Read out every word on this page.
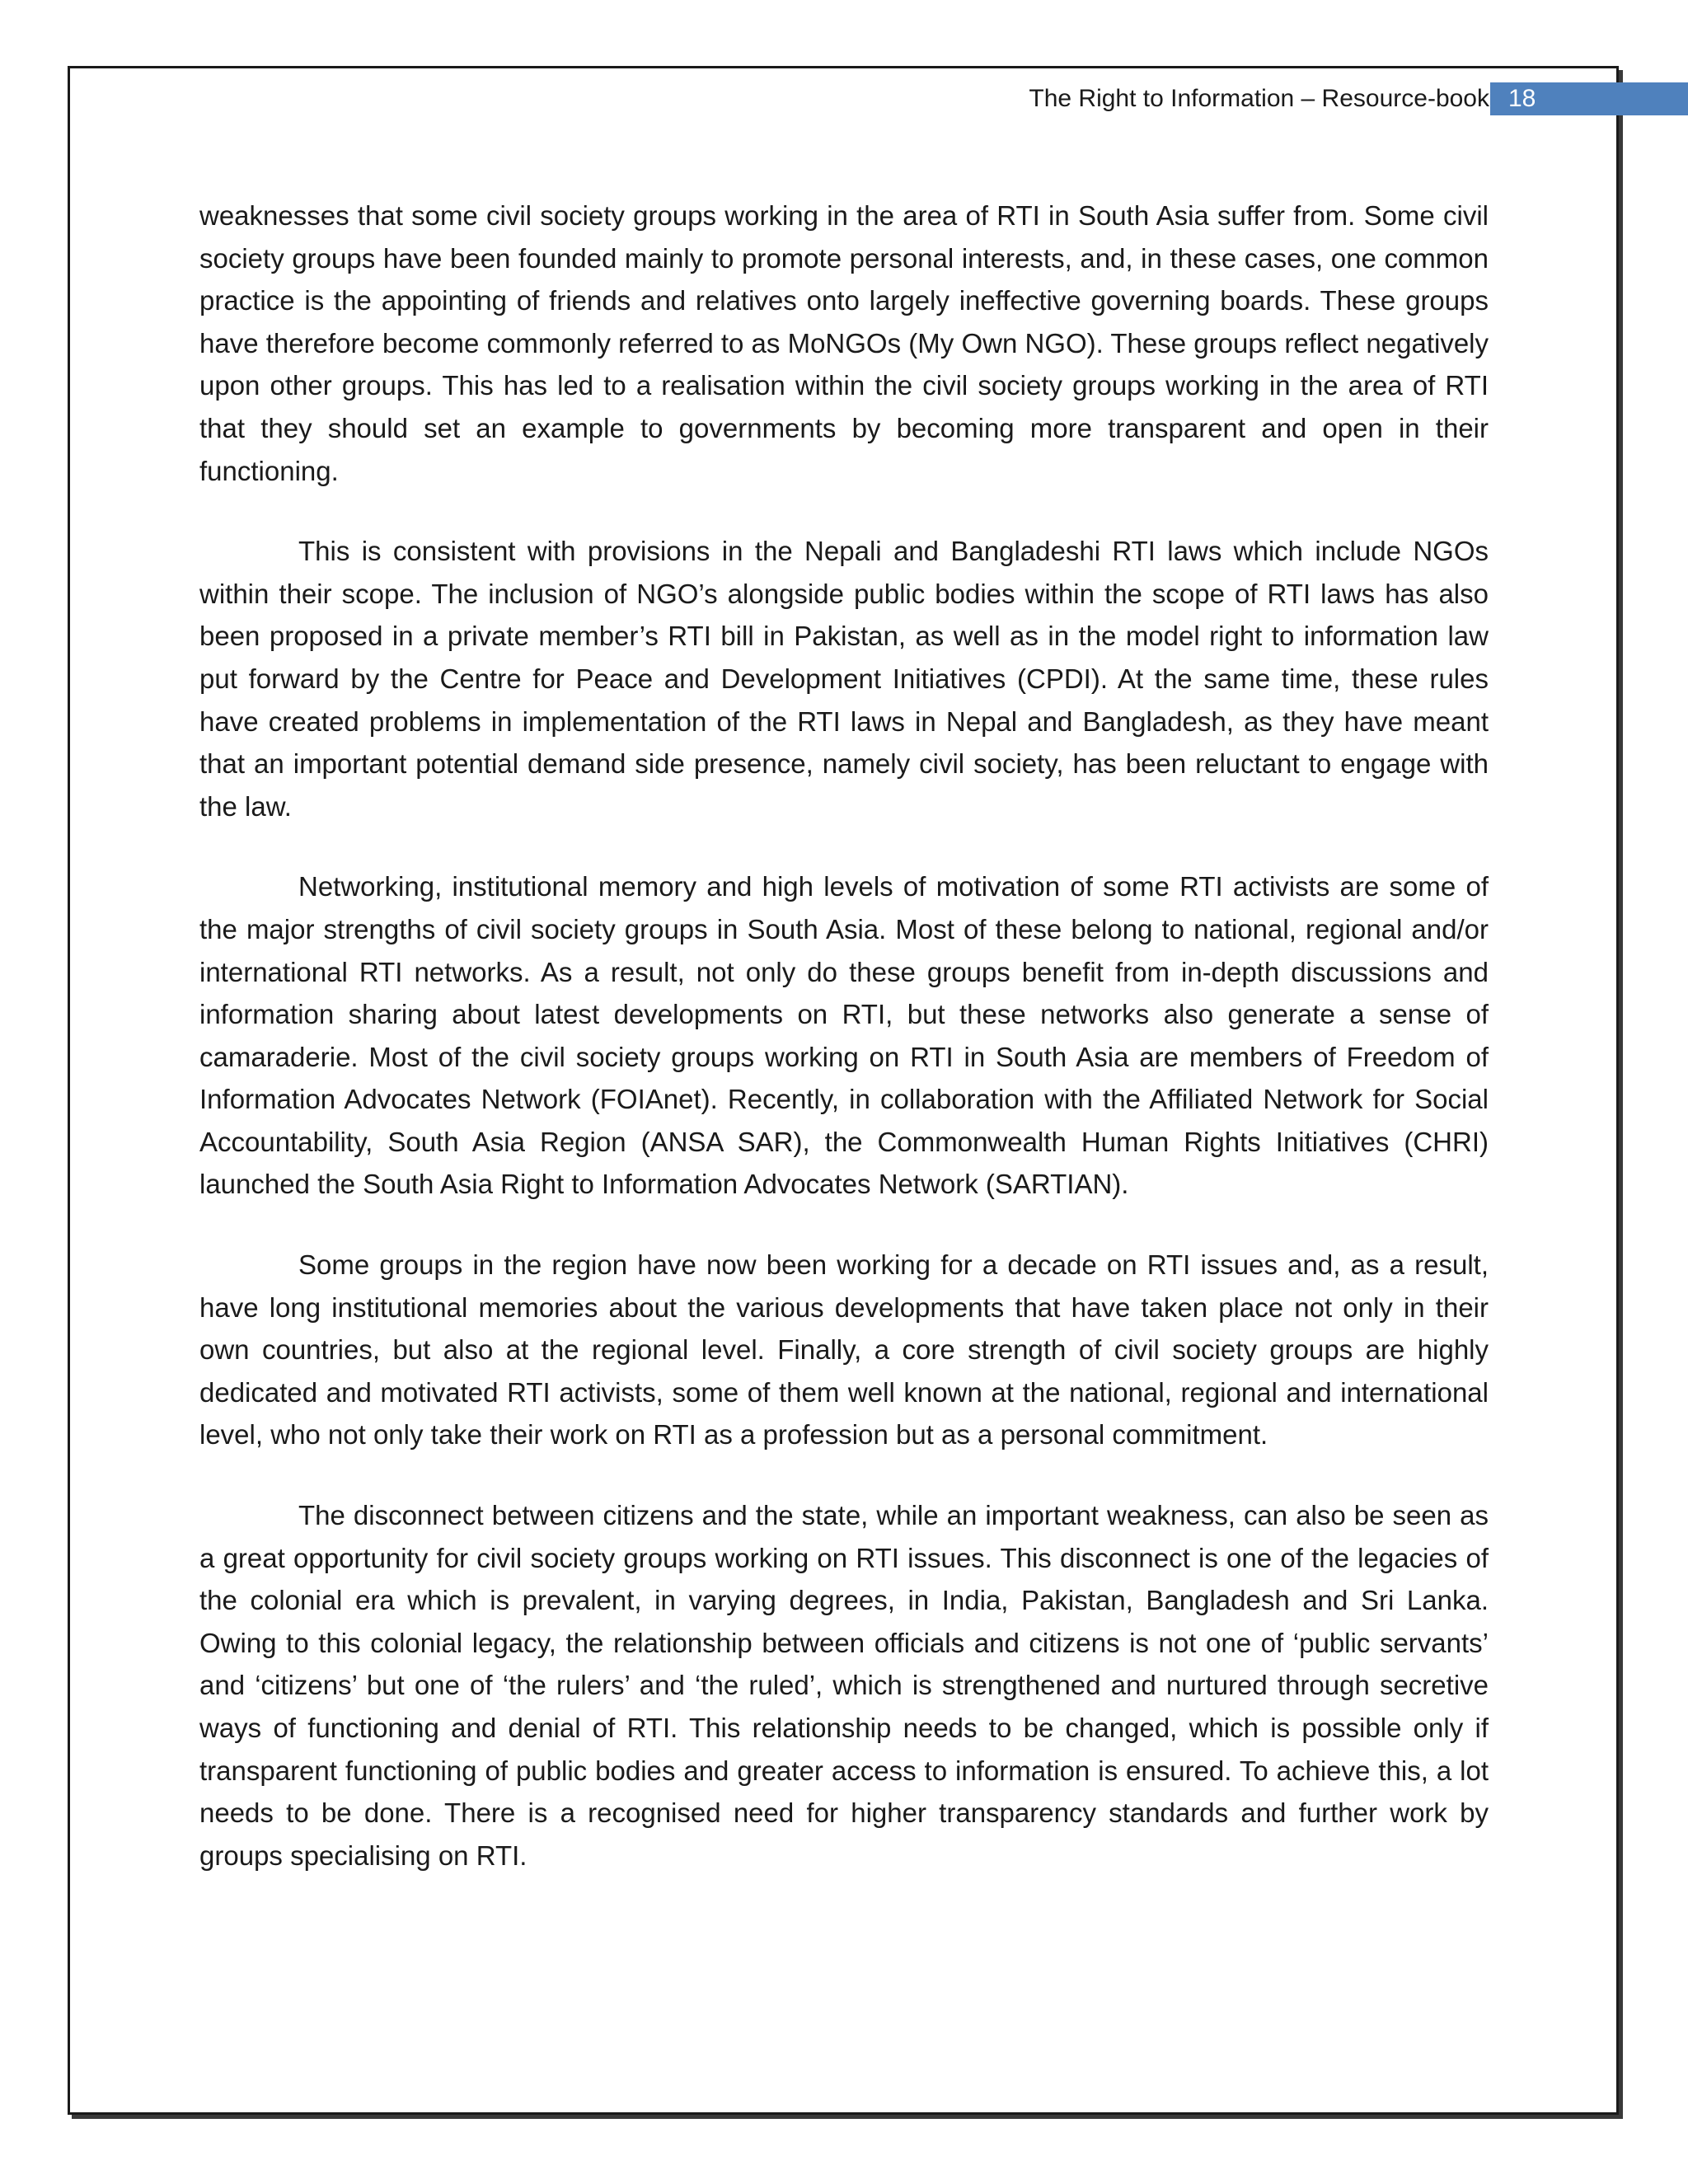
The Right to Information – Resource-book 18

weaknesses that some civil society groups working in the area of RTI in South Asia suffer from. Some civil society groups have been founded mainly to promote personal interests, and, in these cases, one common practice is the appointing of friends and relatives onto largely ineffective governing boards. These groups have therefore become commonly referred to as MoNGOs (My Own NGO). These groups reflect negatively upon other groups. This has led to a realisation within the civil society groups working in the area of RTI that they should set an example to governments by becoming more transparent and open in their functioning.

This is consistent with provisions in the Nepali and Bangladeshi RTI laws which include NGOs within their scope. The inclusion of NGO’s alongside public bodies within the scope of RTI laws has also been proposed in a private member’s RTI bill in Pakistan, as well as in the model right to information law put forward by the Centre for Peace and Development Initiatives (CPDI). At the same time, these rules have created problems in implementation of the RTI laws in Nepal and Bangladesh, as they have meant that an important potential demand side presence, namely civil society, has been reluctant to engage with the law.

Networking, institutional memory and high levels of motivation of some RTI activists are some of the major strengths of civil society groups in South Asia. Most of these belong to national, regional and/or international RTI networks. As a result, not only do these groups benefit from in-depth discussions and information sharing about latest developments on RTI, but these networks also generate a sense of camaraderie. Most of the civil society groups working on RTI in South Asia are members of Freedom of Information Advocates Network (FOIAnet). Recently, in collaboration with the Affiliated Network for Social Accountability, South Asia Region (ANSA SAR), the Commonwealth Human Rights Initiatives (CHRI) launched the South Asia Right to Information Advocates Network (SARTIAN).

Some groups in the region have now been working for a decade on RTI issues and, as a result, have long institutional memories about the various developments that have taken place not only in their own countries, but also at the regional level. Finally, a core strength of civil society groups are highly dedicated and motivated RTI activists, some of them well known at the national, regional and international level, who not only take their work on RTI as a profession but as a personal commitment.

The disconnect between citizens and the state, while an important weakness, can also be seen as a great opportunity for civil society groups working on RTI issues. This disconnect is one of the legacies of the colonial era which is prevalent, in varying degrees, in India, Pakistan, Bangladesh and Sri Lanka. Owing to this colonial legacy, the relationship between officials and citizens is not one of ‘public servants’ and ‘citizens’ but one of ‘the rulers’ and ‘the ruled’, which is strengthened and nurtured through secretive ways of functioning and denial of RTI. This relationship needs to be changed, which is possible only if transparent functioning of public bodies and greater access to information is ensured. To achieve this, a lot needs to be done. There is a recognised need for higher transparency standards and further work by groups specialising on RTI.
